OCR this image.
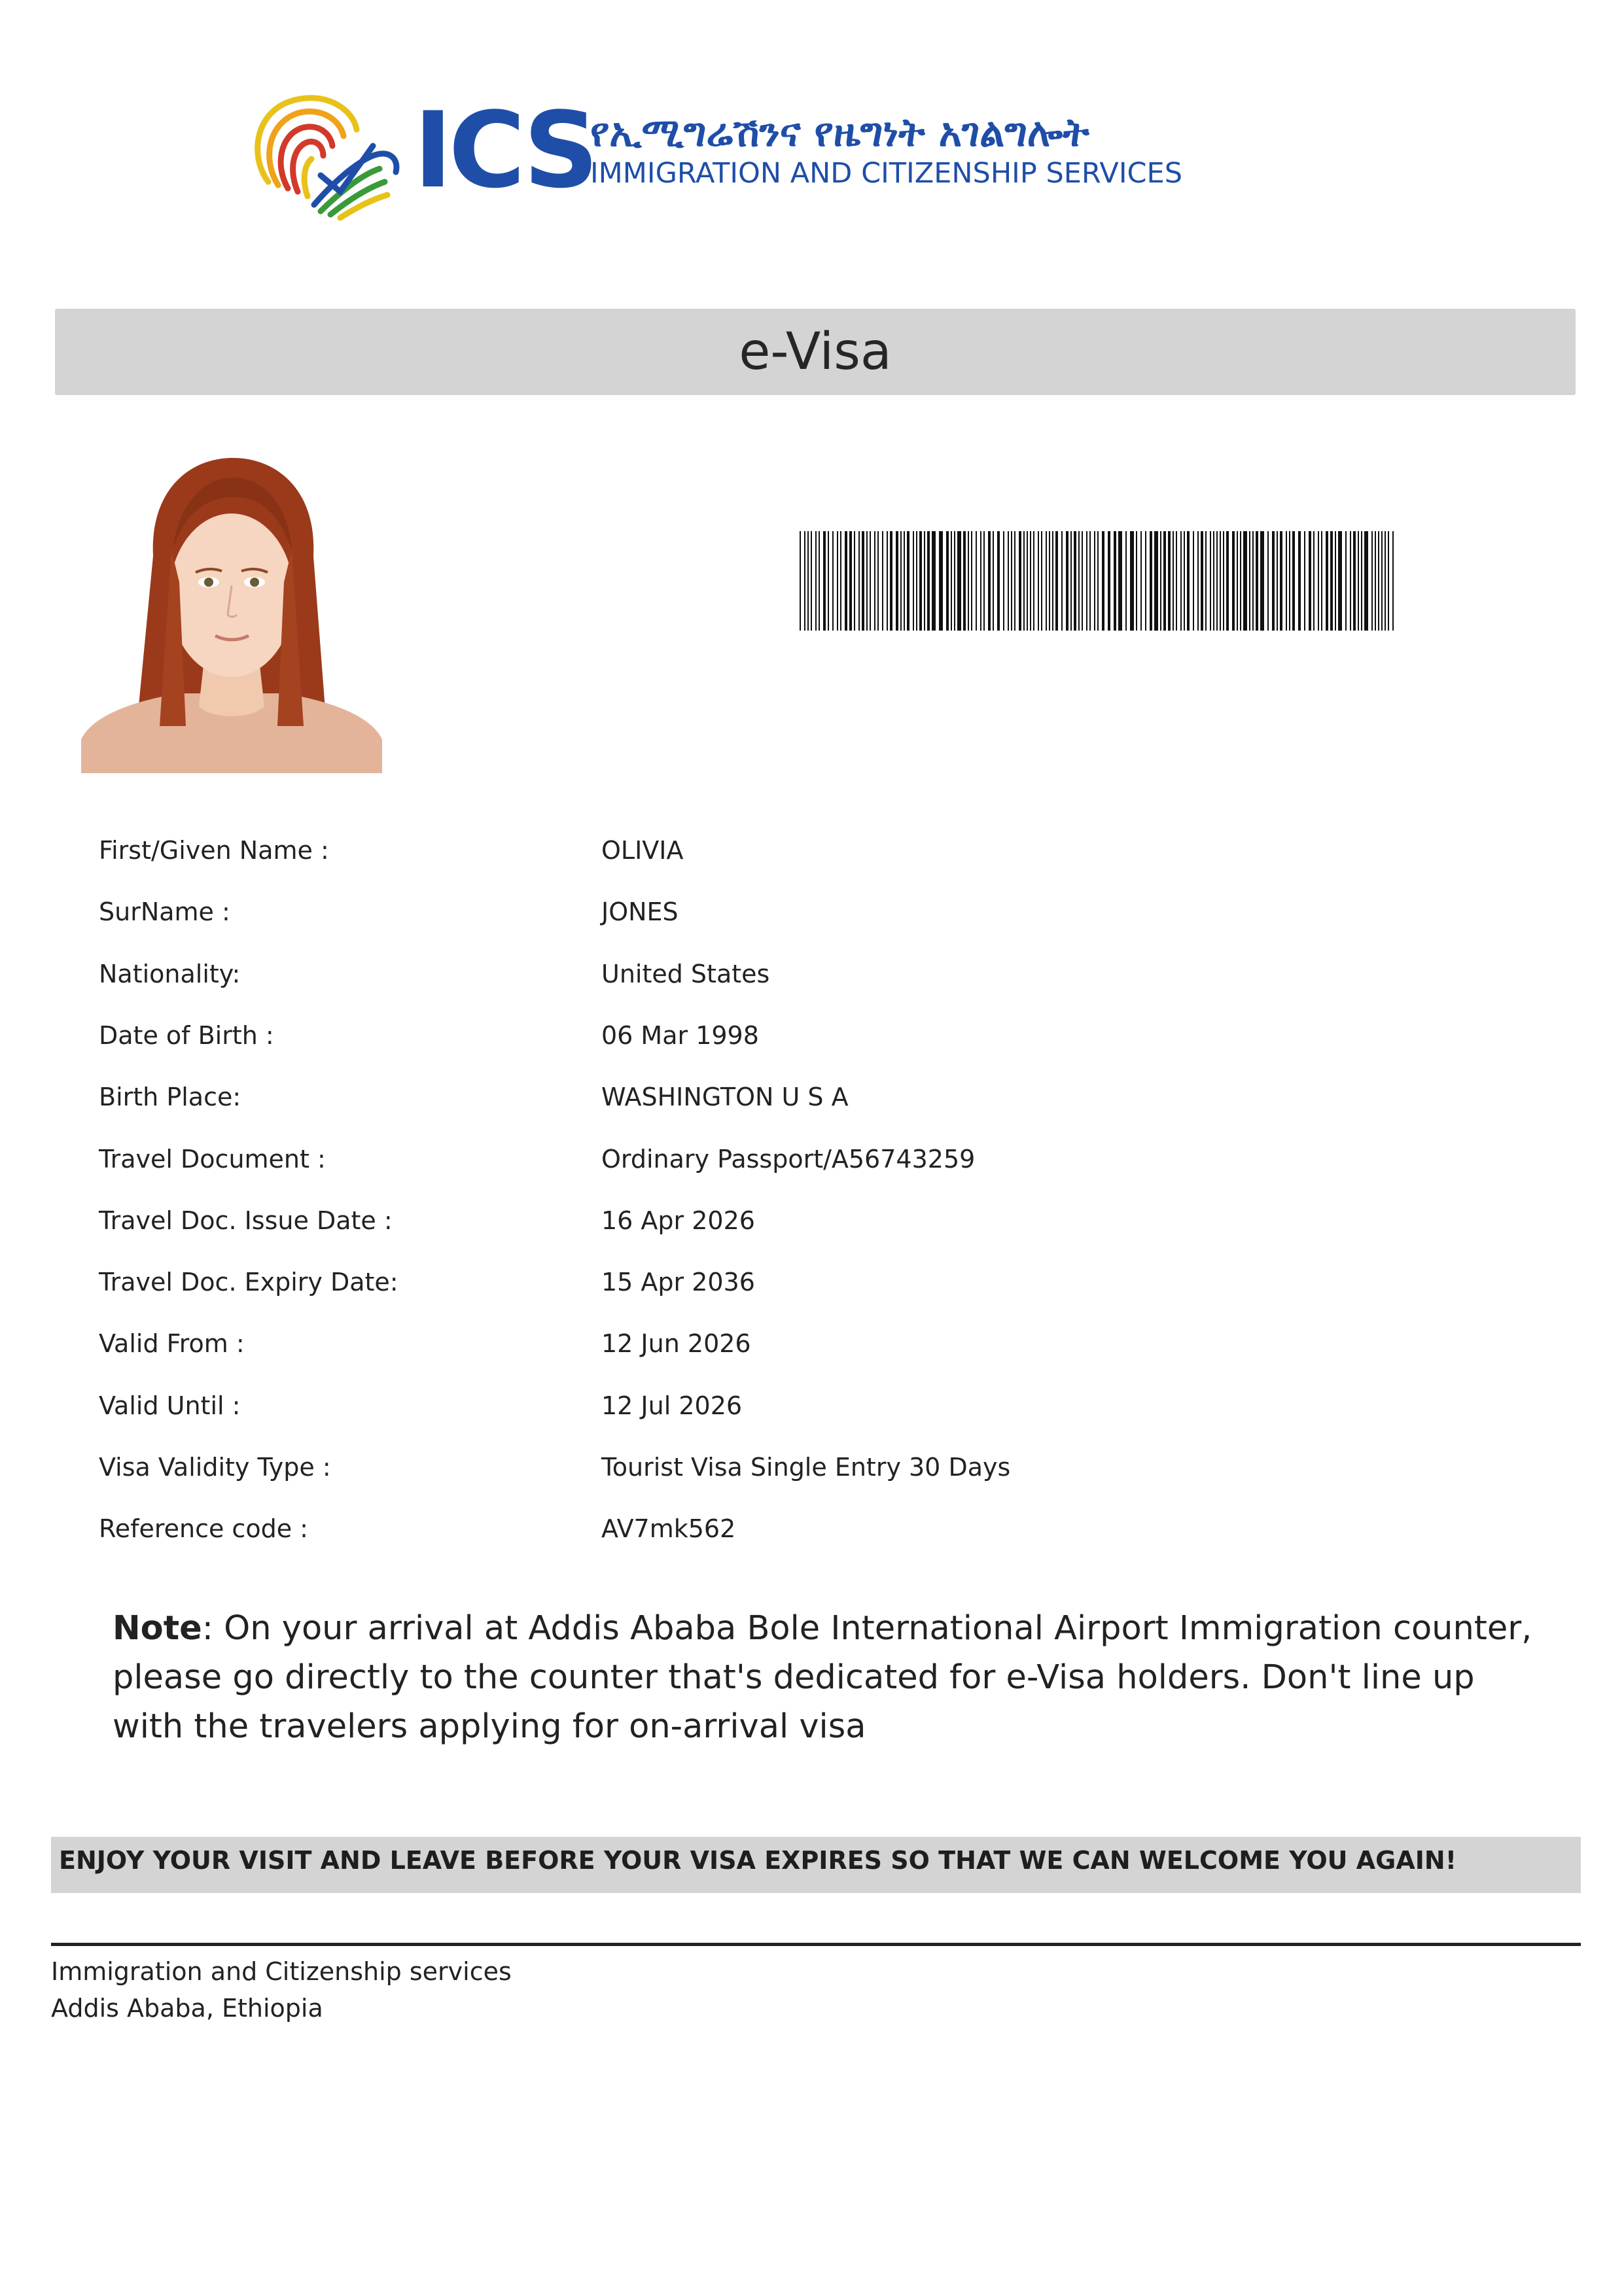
ICS
የኢሚግሬሽንና የዜግነት አገልግሎት
IMMIGRATION AND CITIZENSHIP SERVICES
e-Visa
First/Given Name :	OLIVIA
SurName :	JONES
Nationality:	United States
Date of Birth :	06 Mar 1998
Birth Place:	WASHINGTON U S A
Travel Document :	Ordinary Passport/A56743259
Travel Doc. Issue Date :	16 Apr 2026
Travel Doc. Expiry Date:	15 Apr 2036
Valid From :	12 Jun 2026
Valid Until :	12 Jul 2026
Visa Validity Type :	Tourist Visa Single Entry 30 Days
Reference code :	AV7mk562
Note: On your arrival at Addis Ababa Bole International Airport Immigration counter, please go directly to the counter that's dedicated for e-Visa holders. Don't line up with the travelers applying for on-arrival visa
ENJOY YOUR VISIT AND LEAVE BEFORE YOUR VISA EXPIRES SO THAT WE CAN WELCOME YOU AGAIN!
Immigration and Citizenship services
Addis Ababa, Ethiopia
